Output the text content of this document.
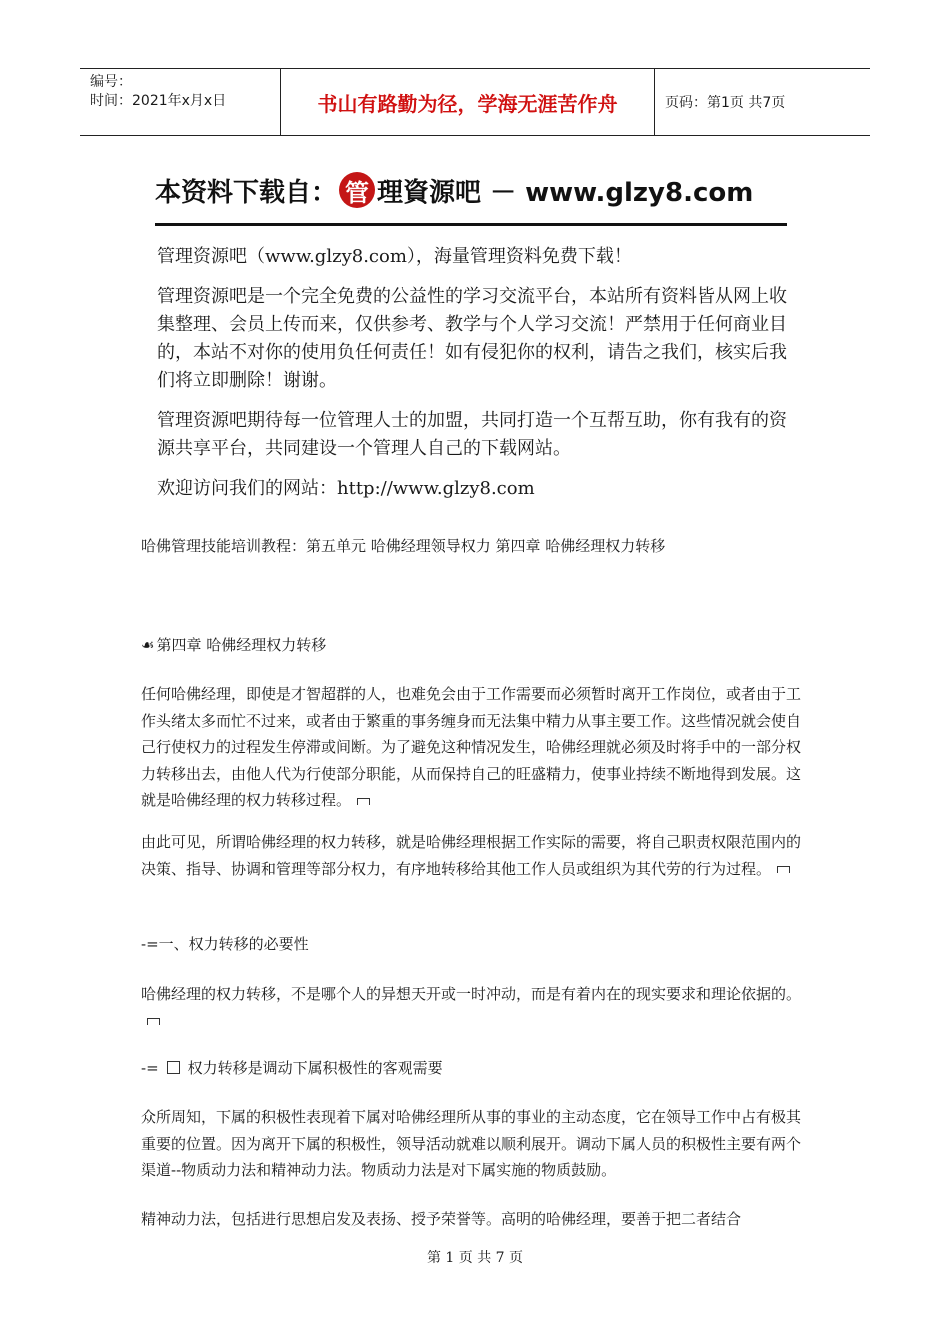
编号：
时间：2021年x月x日	书山有路勤为径，学海无涯苦作舟	页码：第1页 共7页
本资料下载自： 管 理資源吧 － www.glzy8.com

管理资源吧（www.glzy8.com），海量管理资料免费下载！

管理资源吧是一个完全免费的公益性的学习交流平台，本站所有资料皆从网上收集整理、会员上传而来，仅供参考、教学与个人学习交流！严禁用于任何商业目的，本站不对你的使用负任何责任！如有侵犯你的权利，请告之我们，核实后我们将立即删除！谢谢。

管理资源吧期待每一位管理人士的加盟，共同打造一个互帮互助，你有我有的资源共享平台，共同建设一个管理人自己的下载网站。

欢迎访问我们的网站：http://www.glzy8.com

哈佛管理技能培训教程：第五单元 哈佛经理领导权力 第四章 哈佛经理权力转移
☙ 第四章 哈佛经理权力转移

任何哈佛经理，即使是才智超群的人，也难免会由于工作需要而必须暂时离开工作岗位，或者由于工作头绪太多而忙不过来，或者由于繁重的事务缠身而无法集中精力从事主要工作。这些情况就会使自己行使权力的过程发生停滞或间断。为了避免这种情况发生，哈佛经理就必须及时将手中的一部分权力转移出去，由他人代为行使部分职能，从而保持自己的旺盛精力，使事业持续不断地得到发展。这就是哈佛经理的权力转移过程。

由此可见，所谓哈佛经理的权力转移，就是哈佛经理根据工作实际的需要，将自己职责权限范围内的决策、指导、协调和管理等部分权力，有序地转移给其他工作人员或组织为其代劳的行为过程。

-=一、权力转移的必要性

哈佛经理的权力转移，不是哪个人的异想天开或一时冲动，而是有着内在的现实要求和理论依据的。

-= 权力转移是调动下属积极性的客观需要

众所周知，下属的积极性表现着下属对哈佛经理所从事的事业的主动态度，它在领导工作中占有极其重要的位置。因为离开下属的积极性，领导活动就难以顺利展开。调动下属人员的积极性主要有两个渠道--物质动力法和精神动力法。物质动力法是对下属实施的物质鼓励。

精神动力法，包括进行思想启发及表扬、授予荣誉等。高明的哈佛经理，要善于把二者结合

第 1 页 共 7 页
